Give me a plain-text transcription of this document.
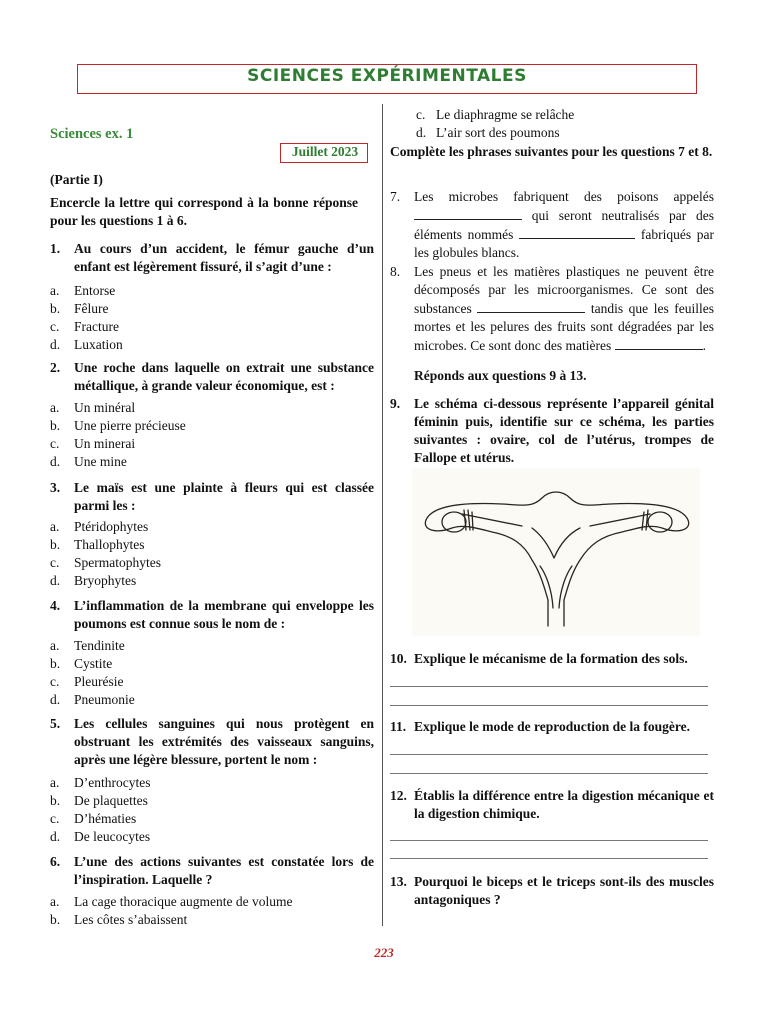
SCIENCES EXPÉRIMENTALES
Sciences ex. 1
Juillet 2023
(Partie I)
Encercle la lettre qui correspond à la bonne réponse pour les questions 1 à 6.
1. Au cours d’un accident, le fémur gauche d’un enfant est légèrement fissuré, il s’agit d’une :
a. Entorse
b. Fêlure
c. Fracture
d. Luxation
2. Une roche dans laquelle on extrait une substance métallique, à grande valeur économique, est :
a. Un minéral
b. Une pierre précieuse
c. Un minerai
d. Une mine
3. Le maïs est une plainte à fleurs qui est classée parmi les :
a. Ptéridophytes
b. Thallophytes
c. Spermatophytes
d. Bryophytes
4. L’inflammation de la membrane qui enveloppe les poumons est connue sous le nom de :
a. Tendinite
b. Cystite
c. Pleurésie
d. Pneumonie
5. Les cellules sanguines qui nous protègent en obstruant les extrémités des vaisseaux sanguins, après une légère blessure, portent le nom :
a. D’enthrocytes
b. De plaquettes
c. D’hématies
d. De leucocytes
6. L’une des actions suivantes est constatée lors de l’inspiration. Laquelle ?
a. La cage thoracique augmente de volume
b. Les côtes s’abaissent
c. Le diaphragme se relâche
d. L’air sort des poumons
Complète les phrases suivantes pour les questions 7 et 8.
7. Les microbes fabriquent des poisons appelés  qui seront neutralisés par des éléments nommés	fabriqués par les globules blancs.
8. Les pneus et les matières plastiques ne peuvent être décomposés par les microorganismes. Ce sont des substances	tandis que les feuilles mortes et les pelures des fruits sont dégradées par les microbes. Ce sont donc des matières	.
Réponds aux questions 9 à 13.
9. Le schéma ci-dessous représente l’appareil génital féminin puis, identifie sur ce schéma, les parties suivantes : ovaire, col de l’utérus, trompes de Fallope et utérus.
10. Explique le mécanisme de la formation des sols.
11. Explique le mode de reproduction de la fougère.
12. Établis la différence entre la digestion mécanique et la digestion chimique.
13. Pourquoi le biceps et le triceps sont-ils des muscles antagoniques ?
223
